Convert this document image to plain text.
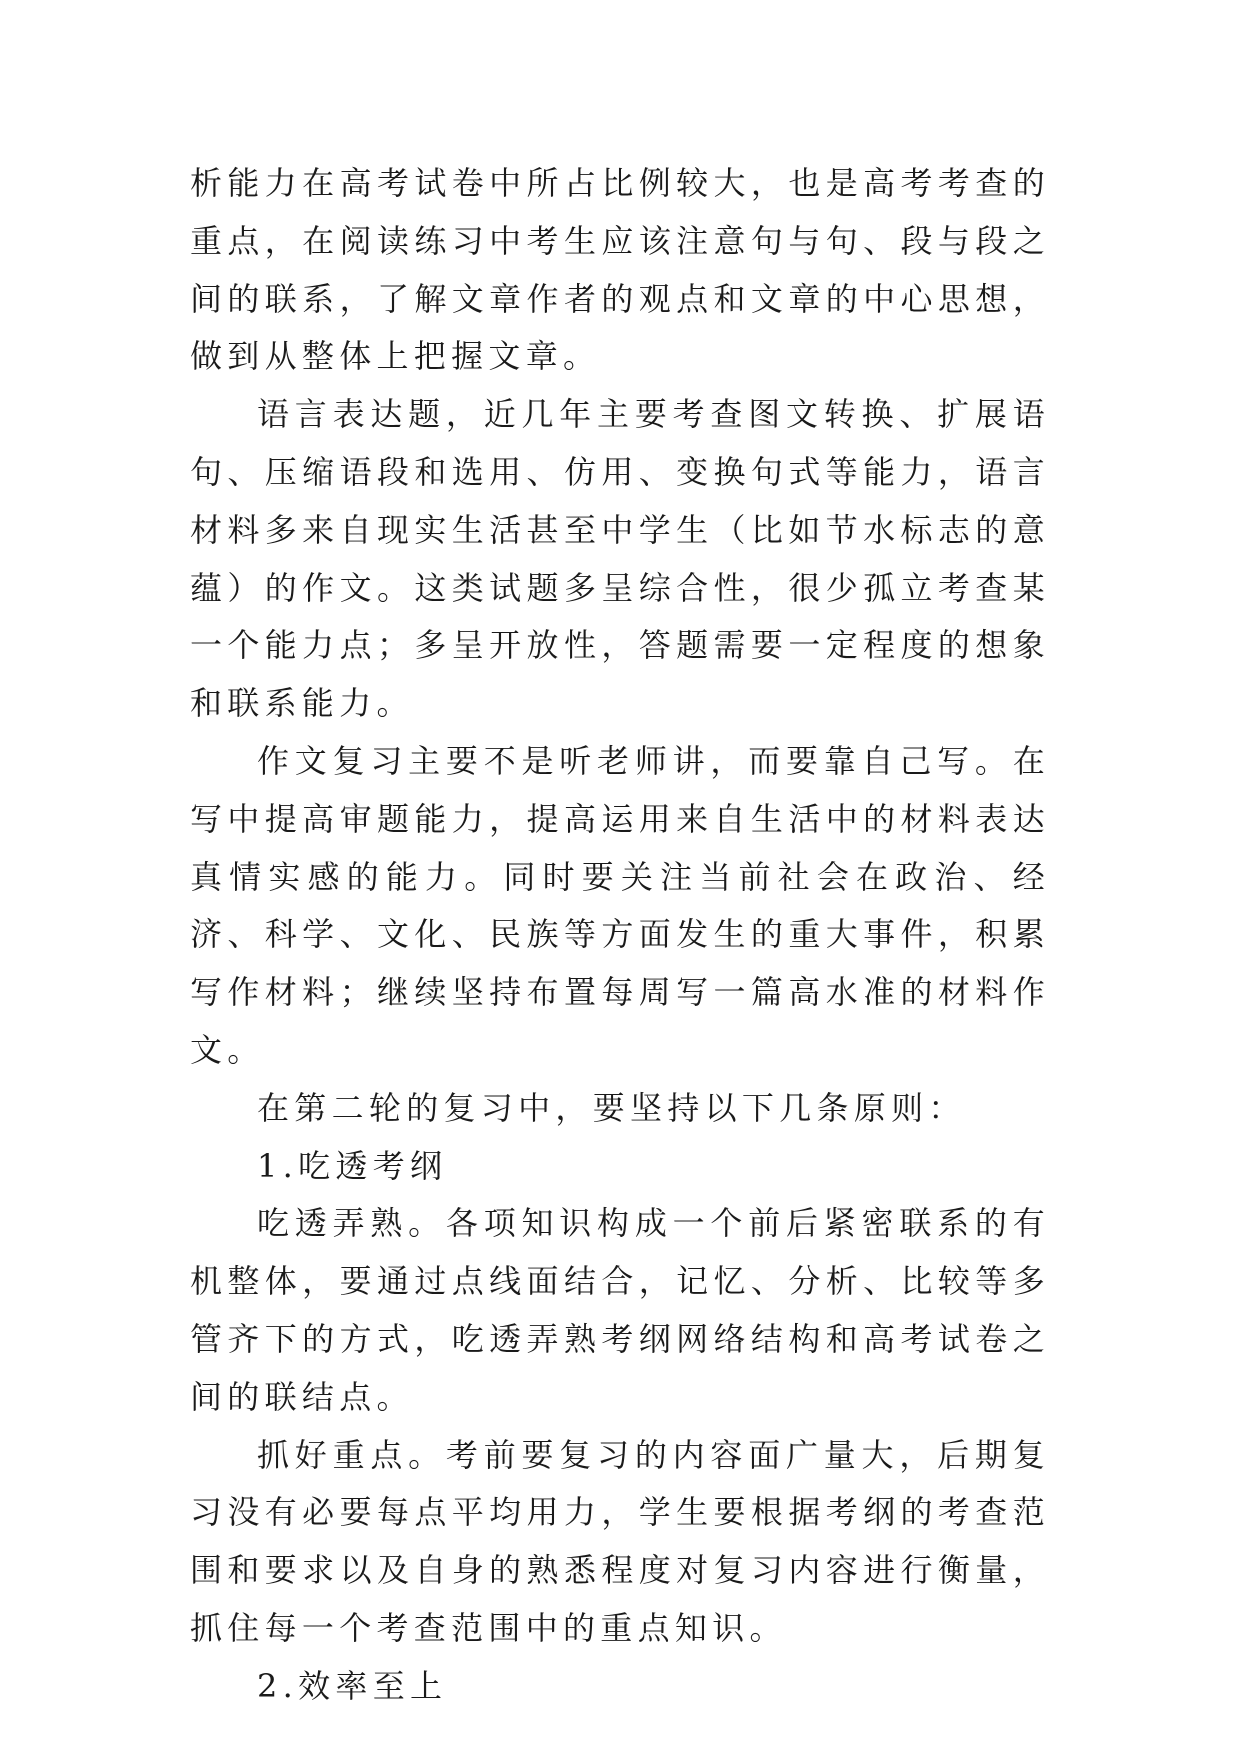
析能力在高考试卷中所占比例较大，也是高考考查的重点，在阅读练习中考生应该注意句与句、段与段之间的联系，了解文章作者的观点和文章的中心思想，做到从整体上把握文章。

语言表达题，近几年主要考查图文转换、扩展语句、压缩语段和选用、仿用、变换句式等能力，语言材料多来自现实生活甚至中学生（比如节水标志的意蕴）的作文。这类试题多呈综合性，很少孤立考查某一个能力点；多呈开放性，答题需要一定程度的想象和联系能力。

作文复习主要不是听老师讲，而要靠自己写。在写中提高审题能力，提高运用来自生活中的材料表达真情实感的能力。同时要关注当前社会在政治、经济、科学、文化、民族等方面发生的重大事件，积累写作材料；继续坚持布置每周写一篇高水准的材料作文。

在第二轮的复习中，要坚持以下几条原则：

1.吃透考纲

吃透弄熟。各项知识构成一个前后紧密联系的有机整体，要通过点线面结合，记忆、分析、比较等多管齐下的方式，吃透弄熟考纲网络结构和高考试卷之间的联结点。

抓好重点。考前要复习的内容面广量大，后期复习没有必要每点平均用力，学生要根据考纲的考查范围和要求以及自身的熟悉程度对复习内容进行衡量，抓住每一个考查范围中的重点知识。

2.效率至上
